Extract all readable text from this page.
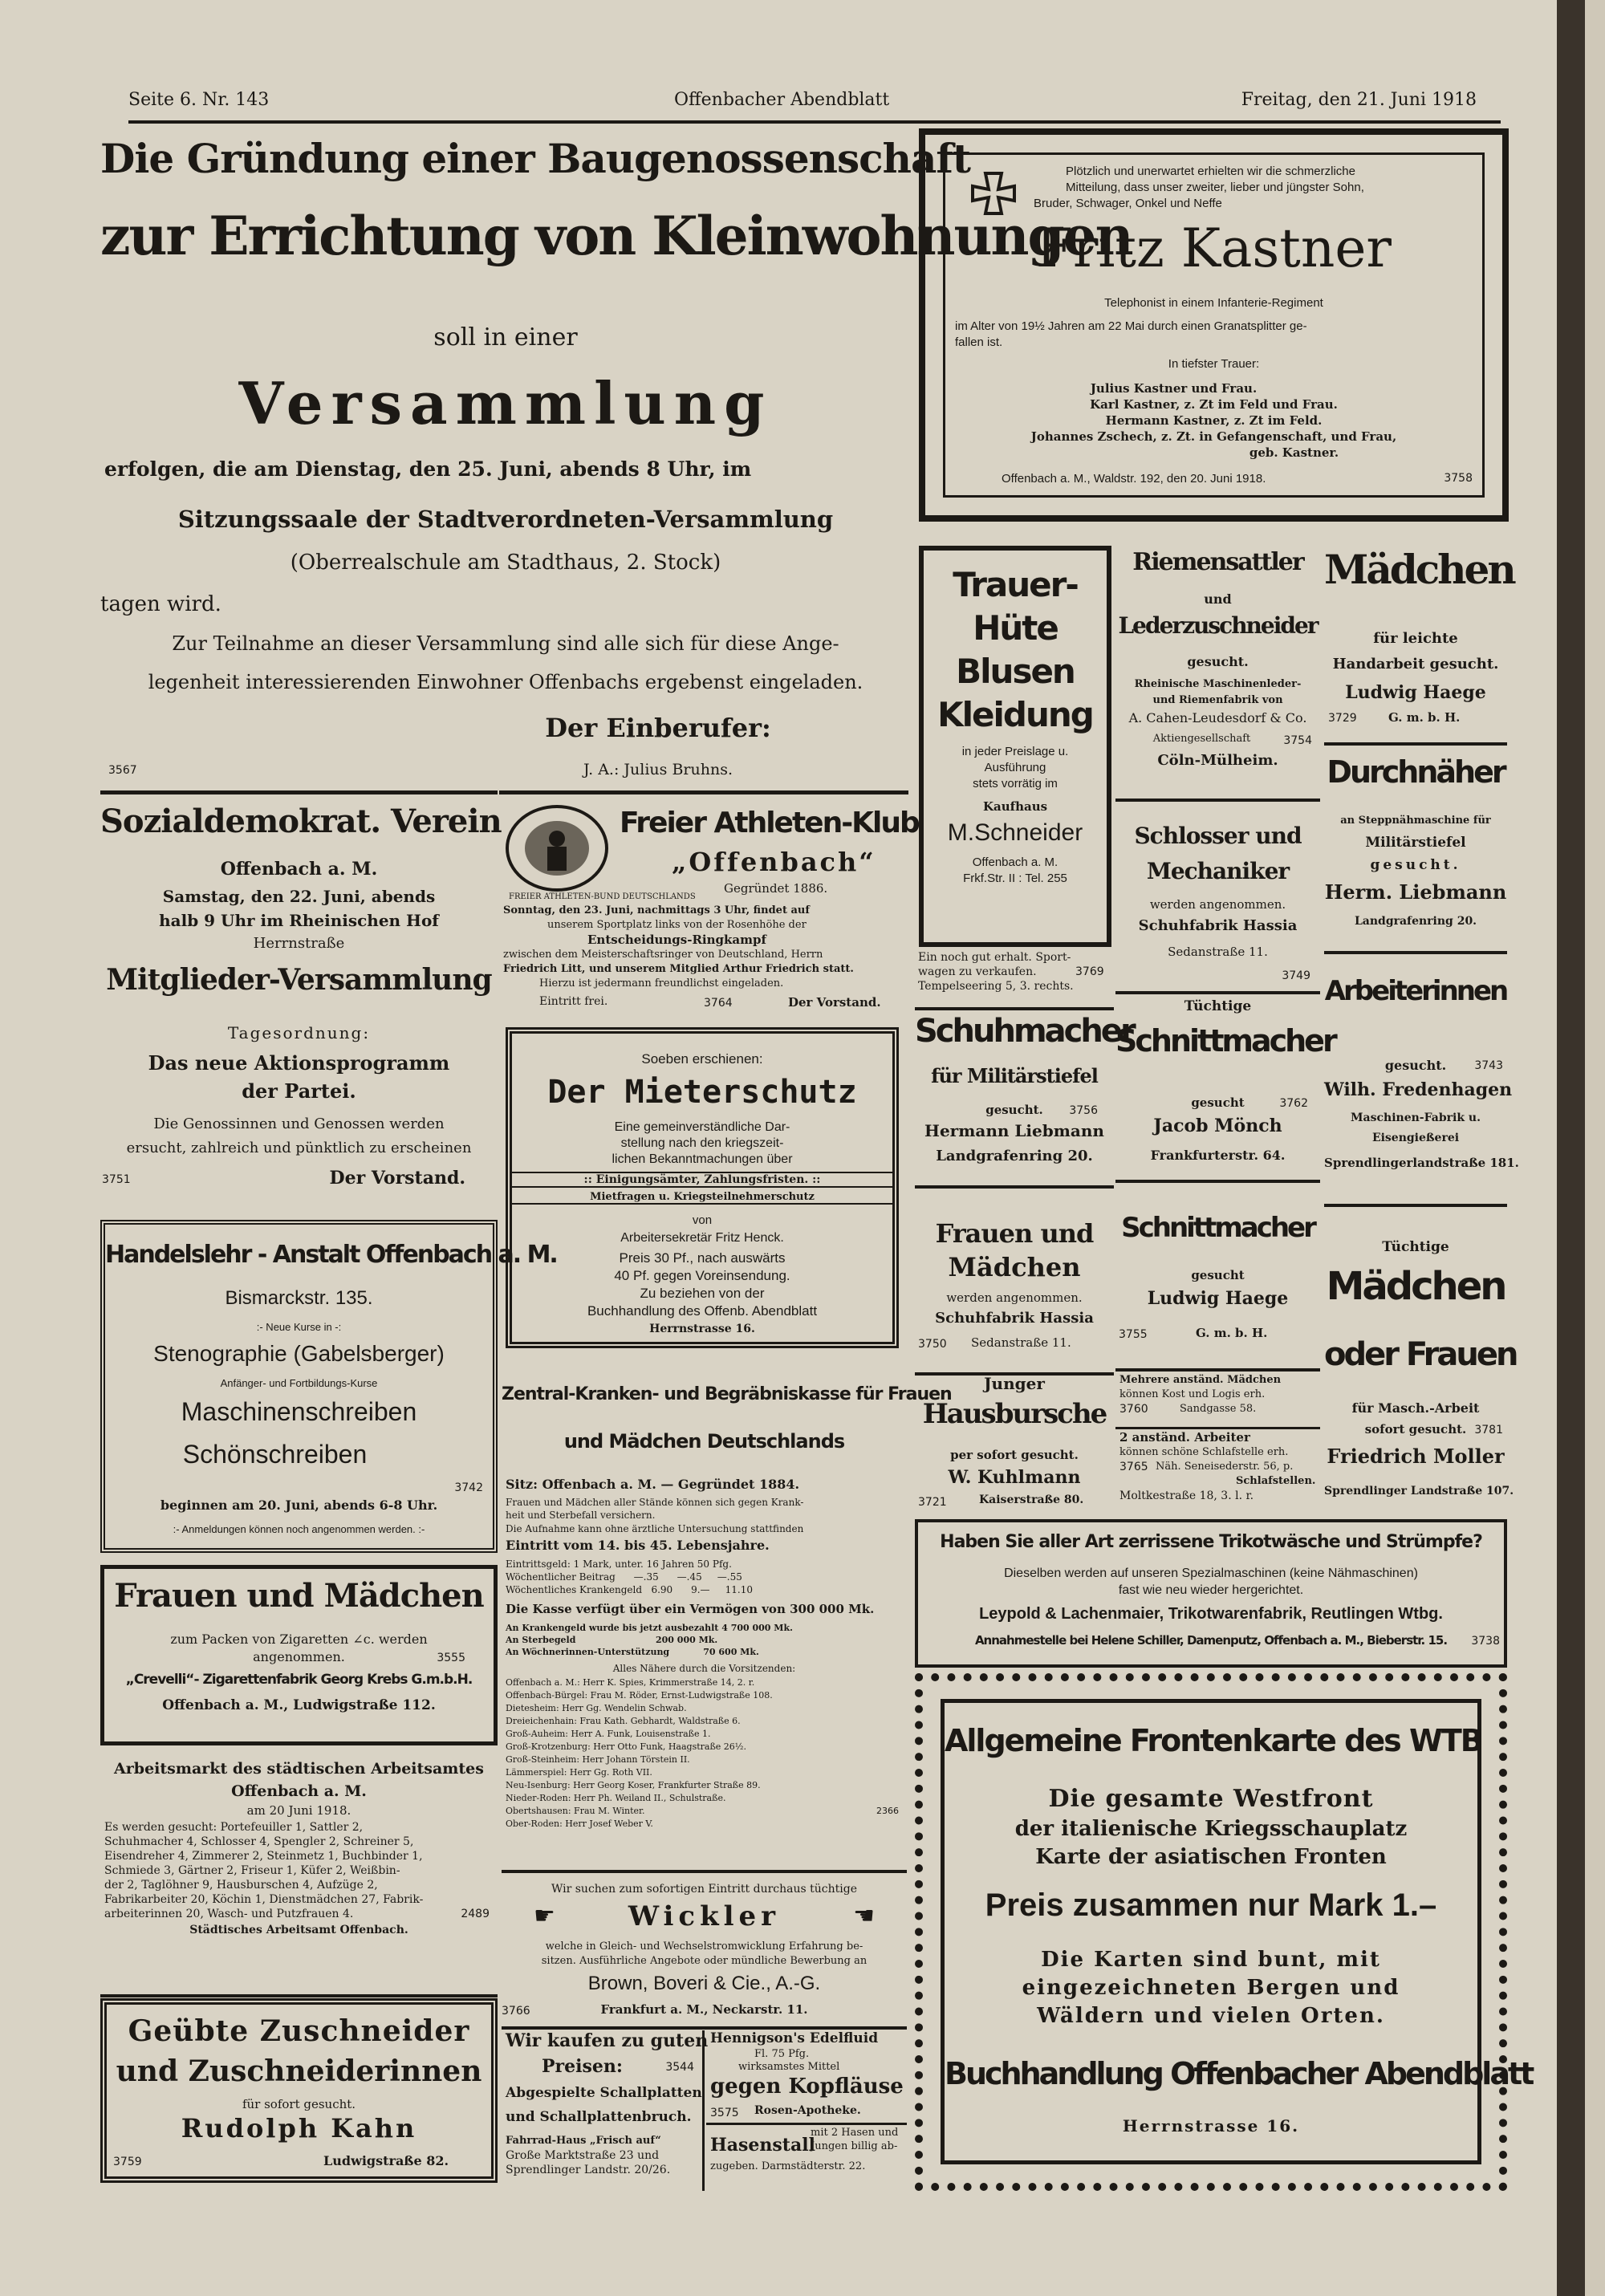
Seite 6. Nr. 143	Offenbacher Abendblatt	Freitag, den 21. Juni 1918
Die Gründung einer Baugenossenschaft
zur Errichtung von Kleinwohnungen
soll in einer
Versammlung
erfolgen, die am Dienstag, den 25. Juni, abends 8 Uhr, im
Sitzungssaale der Stadtverordneten-Versammlung
(Oberrealschule am Stadthaus, 2. Stock)
tagen wird.
Zur Teilnahme an dieser Versammlung sind alle sich für diese Ange-
legenheit interessierenden Einwohner Offenbachs ergebenst eingeladen.
Der Einberufer:
J. A.: Julius Bruhns.
3567
Plötzlich und unerwartet erhielten wir die schmerzliche
Mitteilung, dass unser zweiter, lieber und jüngster Sohn,
Bruder, Schwager, Onkel und Neffe
Fritz Kastner
Telephonist in einem Infanterie-Regiment
im Alter von 19½ Jahren am 22 Mai durch einen Granatsplitter ge-
fallen ist.
In tiefster Trauer:
Julius Kastner und Frau.
Karl Kastner, z. Zt im Feld und Frau.
Hermann Kastner, z. Zt im Feld.
Johannes Zschech, z. Zt. in Gefangenschaft, und Frau,
geb. Kastner.
Offenbach a. M., Waldstr. 192, den 20. Juni 1918.	3758
Sozialdemokrat. Verein
Offenbach a. M.
Samstag, den 22. Juni, abends
halb 9 Uhr im Rheinischen Hof
Herrnstraße
Mitglieder-Versammlung
Tagesordnung:
Das neue Aktionsprogramm
der Partei.
Die Genossinnen und Genossen werden
ersucht, zahlreich und pünktlich zu erscheinen
3751	Der Vorstand.
FREIER ATHLETEN-BUND DEUTSCHLANDS
Freier Athleten-Klub
„Offenbach“
Gegründet 1886.
Sonntag, den 23. Juni, nachmittags 3 Uhr, findet auf
unserem Sportplatz links von der Rosenhöhe der
Entscheidungs-Ringkampf
zwischen dem Meisterschaftsringer von Deutschland, Herrn
Friedrich Litt, und unserem Mitglied Arthur Friedrich statt.
Hierzu ist jedermann freundlichst eingeladen.
Eintritt frei.	3764	Der Vorstand.
Trauer-
Hüte
Blusen
Kleidung
in jeder Preislage u.
Ausführung
stets vorrätig im
Kaufhaus
M.Schneider
Offenbach a. M.
Frkf.Str. II : Tel. 255
Riemensattler
und
Lederzuschneider
gesucht.
Rheinische Maschinenleder-
und Riemenfabrik von
A. Cahen-Leudesdorf & Co.
Aktiengesellschaft	3754
Cöln-Mülheim.
Mädchen
für leichte
Handarbeit gesucht.
Ludwig Haege
3729	G. m. b. H.
Ein noch gut erhalt. Sport-
wagen zu verkaufen.	3769
Tempelseering 5, 3. rechts.
Schlosser und
Mechaniker
werden angenommen.
Schuhfabrik Hassia
Sedanstraße 11.
3749
Durchnäher
an Steppnähmaschine für
Militärstiefel
gesucht.
Herm. Liebmann
Landgrafenring 20.
Soeben erschienen:
Der Mieterschutz
Eine gemeinverständliche Dar-
stellung nach den kriegszeit-
lichen Bekanntmachungen über
:: Einigungsämter, Zahlungsfristen. ::
Mietfragen u. Kriegsteilnehmerschutz
von
Arbeitersekretär Fritz Henck.
Preis 30 Pf., nach auswärts
40 Pf. gegen Voreinsendung.
Zu beziehen von der
Buchhandlung des Offenb. Abendblatt
Herrnstrasse 16.
Schuhmacher
für Militärstiefel
gesucht.	3756
Hermann Liebmann
Landgrafenring 20.
Tüchtige
Schnittmacher
gesucht	3762
Jacob Mönch
Frankfurterstr. 64.
Arbeiterinnen
gesucht.	3743
Wilh. Fredenhagen
Maschinen-Fabrik u.
Eisengießerei
Sprendlingerlandstraße 181.
Handelslehr - Anstalt Offenbach a. M.
Bismarckstr. 135.
:- Neue Kurse in -:
Stenographie (Gabelsberger)
Anfänger- und Fortbildungs-Kurse
Maschinenschreiben
Schönschreiben
3742
beginnen am 20. Juni, abends 6-8 Uhr.
:- Anmeldungen können noch angenommen werden. :-
Frauen und
Mädchen
werden angenommen.
Schuhfabrik Hassia
3750 Sedanstraße 11.
Schnittmacher
gesucht
Ludwig Haege
3755	G. m. b. H.
Tüchtige
Mädchen
oder Frauen
für Masch.-Arbeit
sofort gesucht. 3781
Friedrich Moller
Sprendlinger Landstraße 107.
Junger
Hausbursche
per sofort gesucht.
W. Kuhlmann
3721	Kaiserstraße 80.
Mehrere anständ. Mädchen
können Kost und Logis erh.
3760	Sandgasse 58.
2 anständ. Arbeiter
können schöne Schlafstelle erh.
3765 Näh. Seneisederstr. 56, p.
Schlafstellen.
Moltkestraße 18, 3. l. r.
Zentral-Kranken- und Begräbniskasse für Frauen
und Mädchen Deutschlands
Sitz: Offenbach a. M. — Gegründet 1884.
Frauen und Mädchen aller Stände können sich gegen Krank-
heit und Sterbefall versichern.
Die Aufnahme kann ohne ärztliche Untersuchung stattfinden
Eintritt vom 14. bis 45. Lebensjahre.
Eintrittsgeld: 1 Mark, unter. 16 Jahren 50 Pfg.
Wöchentlicher Beitrag      —.35      —.45     —.55
Wöchentliches Krankengeld   6.90      9.—     11.10
Die Kasse verfügt über ein Vermögen von 300 000 Mk.
An Krankengeld wurde bis jetzt ausbezahlt 4 700 000 Mk.
An Sterbegeld                          200 000 Mk.
An Wöchnerinnen-Unterstützung           70 600 Mk.
Alles Nähere durch die Vorsitzenden:
Offenbach a. M.: Herr K. Spies, Krimmerstraße 14, 2. r.
Offenbach-Bürgel: Frau M. Röder, Ernst-Ludwigstraße 108.
Dietesheim: Herr Gg. Wendelin Schwab.
Dreieichenhain: Frau Kath. Gebhardt, Waldstraße 6.
Groß-Auheim: Herr A. Funk, Louisenstraße 1.
Groß-Krotzenburg: Herr Otto Funk, Haagstraße 26½.
Groß-Steinheim: Herr Johann Törstein II.
Lämmerspiel: Herr Gg. Roth VII.
Neu-Isenburg: Herr Georg Koser, Frankfurter Straße 89.
Nieder-Roden: Herr Ph. Weiland II., Schulstraße.
Obertshausen: Frau M. Winter.	2366
Ober-Roden: Herr Josef Weber V.
Haben Sie aller Art zerrissene Trikotwäsche und Strümpfe?
Dieselben werden auf unseren Spezialmaschinen (keine Nähmaschinen)
fast wie neu wieder hergerichtet.
Leypold & Lachenmaier, Trikotwarenfabrik, Reutlingen Wtbg.
Annahmestelle bei Helene Schiller, Damenputz, Offenbach a. M., Bieberstr. 15.	3738
Frauen und Mädchen
zum Packen von Zigaretten ∠c. werden
angenommen.	3555
„Crevelli“- Zigarettenfabrik Georg Krebs G.m.b.H.
Offenbach a. M., Ludwigstraße 112.
Arbeitsmarkt des städtischen Arbeitsamtes
Offenbach a. M.
am 20 Juni 1918.
Es werden gesucht: Portefeuiller 1, Sattler 2,
Schuhmacher 4, Schlosser 4, Spengler 2, Schreiner 5,
Eisendreher 4, Zimmerer 2, Steinmetz 1, Buchbinder 1,
Schmiede 3, Gärtner 2, Friseur 1, Küfer 2, Weißbin-
der 2, Taglöhner 9, Hausburschen 4, Aufzüge 2,
Fabrikarbeiter 20, Köchin 1, Dienstmädchen 27, Fabrik-
arbeiterinnen 20, Wasch- und Putzfrauen 4.	2489
Städtisches Arbeitsamt Offenbach.
Wir suchen zum sofortigen Eintritt durchaus tüchtige
☛	Wickler	☚
welche in Gleich- und Wechselstromwicklung Erfahrung be-
sitzen. Ausführliche Angebote oder mündliche Bewerbung an
Brown, Boveri & Cie., A.-G.
3766	Frankfurt a. M., Neckarstr. 11.
Wir kaufen zu guten
Preisen:	3544
Abgespielte Schallplatten
und Schallplattenbruch.
Fahrrad-Haus „Frisch auf“
Große Marktstraße 23 und
Sprendlinger Landstr. 20/26.
Hennigson's Edelfluid
Fl. 75 Pfg.
wirksamstes Mittel
gegen Kopfläuse
3575 Rosen-Apotheke.
Hasenstall
mit 2 Hasen und
Jungen billig ab-
zugeben. Darmstädterstr. 22.
Geübte Zuschneider
und Zuschneiderinnen
für sofort gesucht.
Rudolph Kahn
3759	Ludwigstraße 82.
Allgemeine Frontenkarte des WTB
Die gesamte Westfront
der italienische Kriegsschauplatz
Karte der asiatischen Fronten
Preis zusammen nur Mark 1.–
Die Karten sind bunt, mit
eingezeichneten Bergen und
Wäldern und vielen Orten.
Buchhandlung Offenbacher Abendblatt
Herrnstrasse 16.
